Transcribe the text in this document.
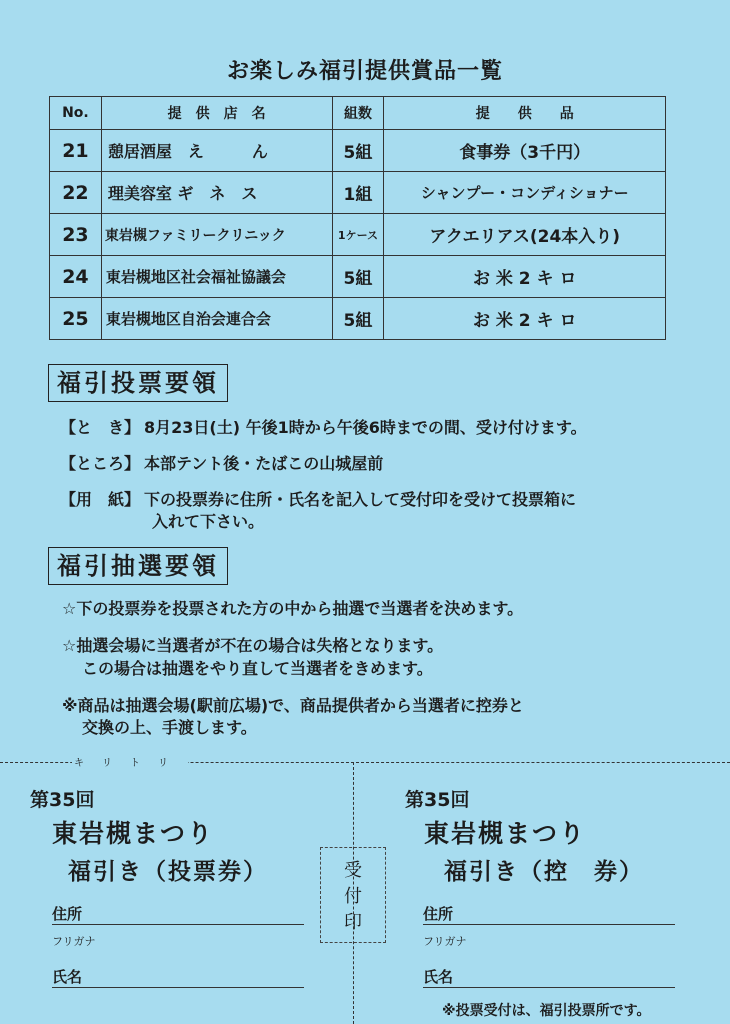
お楽しみ福引提供賞品一覧
No.	提　供　店　名	組数	提　　供　　品
21	憩居酒屋　え　　　ん	5組	食事券（3千円）
22	理美容室 ギ　ネ　ス	1組	シャンプー・コンディショナー
23	東岩槻ファミリークリニック	1ケース	アクエリアス(24本入り)
24	東岩槻地区社会福祉協議会	5組	お 米 2 キ ロ
25	東岩槻地区自治会連合会	5組	お 米 2 キ ロ
福引投票要領
【と　き】 8月23日(土) 午後1時から午後6時までの間、受け付けます。
【ところ】 本部テント後・たばこの山城屋前
【用　紙】 下の投票券に住所・氏名を記入して受付印を受けて投票箱に
入れて下さい。
福引抽選要領
☆下の投票券を投票された方の中から抽選で当選者を決めます。
☆抽選会場に当選者が不在の場合は失格となります。
この場合は抽選をやり直して当選者をきめます。
※商品は抽選会場(駅前広場)で、商品提供者から当選者に控券と
交換の上、手渡します。
キリトリ
第35回
東岩槻まつり
福引き（投票券）
住所
フリガナ
氏名
受
付
印
第35回
東岩槻まつり
福引き（控　券）
住所
フリガナ
氏名
※投票受付は、福引投票所です。
